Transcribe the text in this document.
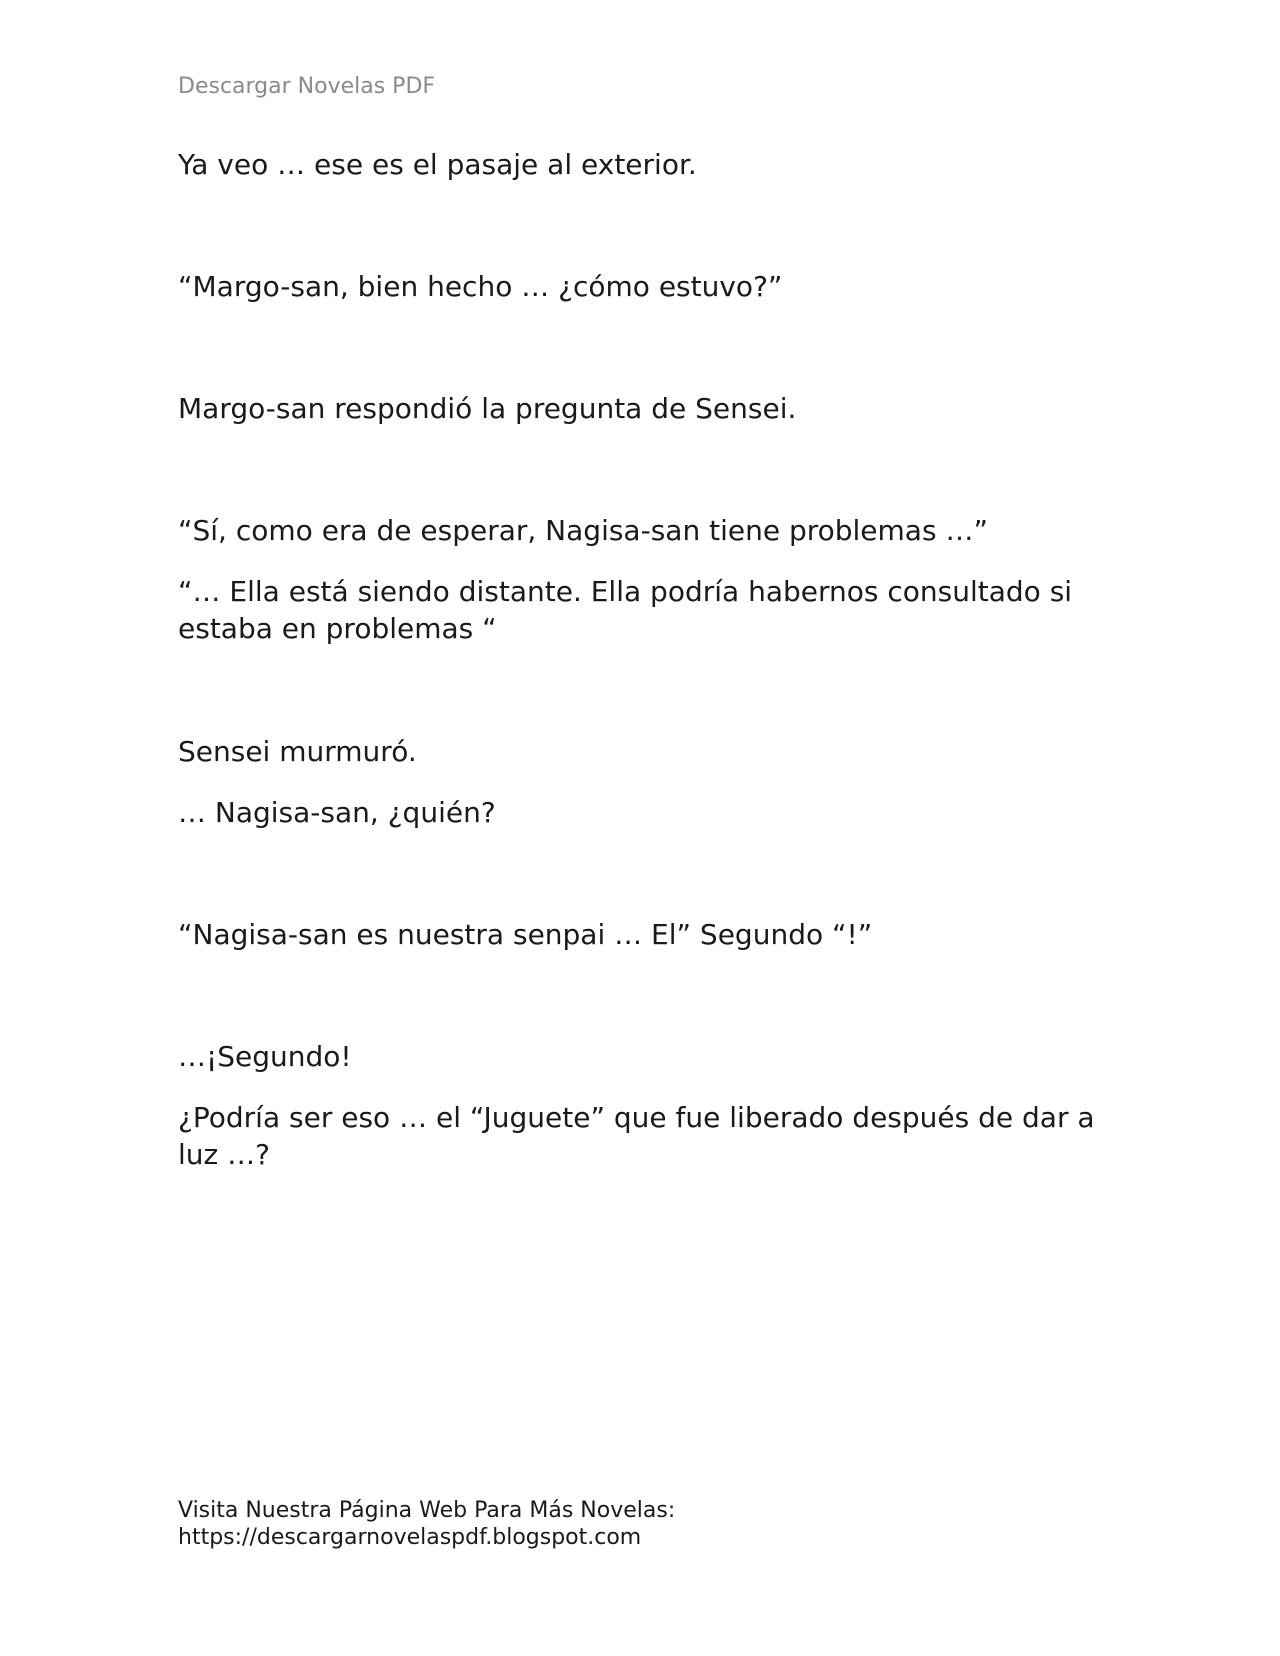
Descargar Novelas PDF

Ya veo … ese es el pasaje al exterior.

“Margo-san, bien hecho … ¿cómo estuvo?”

Margo-san respondió la pregunta de Sensei.

“Sí, como era de esperar, Nagisa-san tiene problemas …”

“… Ella está siendo distante. Ella podría habernos consultado si estaba en problemas “

Sensei murmuró.

… Nagisa-san, ¿quién?

“Nagisa-san es nuestra senpai … El” Segundo “!”

…¡Segundo!

¿Podría ser eso … el “Juguete” que fue liberado después de dar a luz …?

Visita Nuestra Página Web Para Más Novelas:
https://descargarnovelaspdf.blogspot.com
